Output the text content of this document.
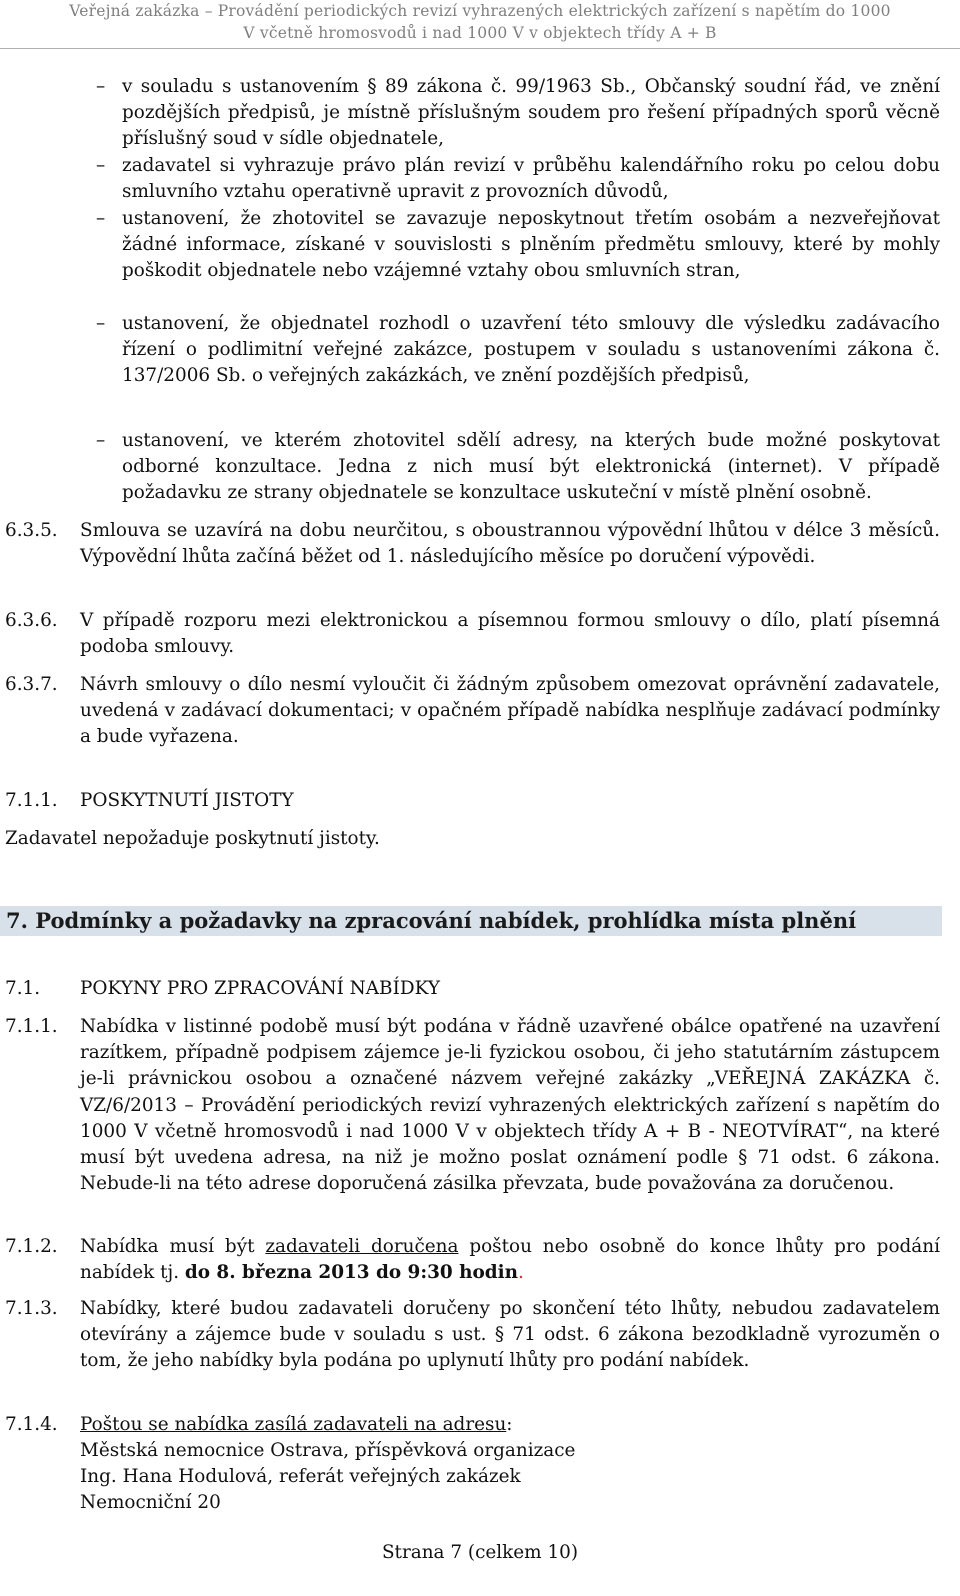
Veřejná zakázka – Provádění periodických revizí vyhrazených elektrických zařízení s napětím do 1000
V včetně hromosvodů i nad 1000 V v objektech třídy A + B
– v souladu s ustanovením § 89 zákona č. 99/1963 Sb., Občanský soudní řád, ve znění pozdějších předpisů, je místně příslušným soudem pro řešení případných sporů věcně příslušný soud v sídle objednatele,
– zadavatel si vyhrazuje právo plán revizí v průběhu kalendářního roku po celou dobu smluvního vztahu operativně upravit z provozních důvodů,
– ustanovení, že zhotovitel se zavazuje neposkytnout třetím osobám a nezveřejňovat žádné informace, získané v souvislosti s plněním předmětu smlouvy, které by mohly poškodit objednatele nebo vzájemné vztahy obou smluvních stran,
– ustanovení, že objednatel rozhodl o uzavření této smlouvy dle výsledku zadávacího řízení o podlimitní veřejné zakázce, postupem v souladu s ustanoveními zákona č. 137/2006 Sb. o veřejných zakázkách, ve znění pozdějších předpisů,
– ustanovení, ve kterém zhotovitel sdělí adresy, na kterých bude možné poskytovat odborné konzultace. Jedna z nich musí být elektronická (internet). V případě požadavku ze strany objednatele se konzultace uskuteční v místě plnění osobně.
6.3.5. Smlouva se uzavírá na dobu neurčitou, s oboustrannou výpovědní lhůtou v délce 3 měsíců. Výpovědní lhůta začíná běžet od 1. následujícího měsíce po doručení výpovědi.
6.3.6. V případě rozporu mezi elektronickou a písemnou formou smlouvy o dílo, platí písemná podoba smlouvy.
6.3.7. Návrh smlouvy o dílo nesmí vyloučit či žádným způsobem omezovat oprávnění zadavatele, uvedená v zadávací dokumentaci; v opačném případě nabídka nesplňuje zadávací podmínky a bude vyřazena.
7.1.1. POSKYTNUTÍ JISTOTY
Zadavatel nepožaduje poskytnutí jistoty.
7. Podmínky a požadavky na zpracování nabídek, prohlídka místa plnění
7.1. POKYNY PRO ZPRACOVÁNÍ NABÍDKY
7.1.1. Nabídka v listinné podobě musí být podána v řádně uzavřené obálce opatřené na uzavření razítkem, případně podpisem zájemce je-li fyzickou osobou, či jeho statutárním zástupcem je-li právnickou osobou a označené názvem veřejné zakázky „VEŘEJNÁ ZAKÁZKA č. VZ/6/2013 – Provádění periodických revizí vyhrazených elektrických zařízení s napětím do 1000 V včetně hromosvodů i nad 1000 V v objektech třídy A + B - NEOTVÍRAT“, na které musí být uvedena adresa, na niž je možno poslat oznámení podle § 71 odst. 6 zákona. Nebude-li na této adrese doporučená zásilka převzata, bude považována za doručenou.
7.1.2. Nabídka musí být zadavateli doručena poštou nebo osobně do konce lhůty pro podání nabídek tj. do 8. března 2013 do 9:30 hodin.
7.1.3. Nabídky, které budou zadavateli doručeny po skončení této lhůty, nebudou zadavatelem otevírány a zájemce bude v souladu s ust. § 71 odst. 6 zákona bezodkladně vyrozuměn o tom, že jeho nabídky byla podána po uplynutí lhůty pro podání nabídek.
7.1.4. Poštou se nabídka zasílá zadavateli na adresu:
Městská nemocnice Ostrava, příspěvková organizace
Ing. Hana Hodulová, referát veřejných zakázek
Nemocniční 20
Strana 7 (celkem 10)
